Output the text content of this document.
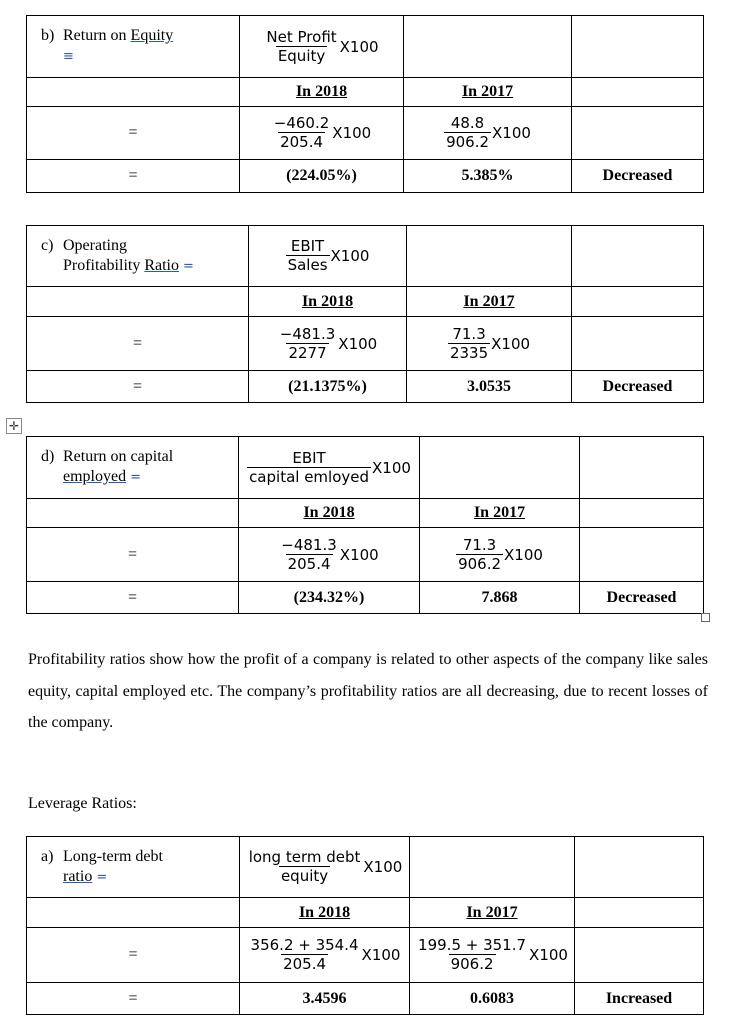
b) Return on Equity
≡	Net Profit
Equity X100		

	In 2018	In 2017	
=	$\frac{-460.2}{205.4} X100$	$\frac{48.8}{906.2} X100$	

=	(224.05%)	5.385%	Decreased
c) Operating
Profitability Ratio =	EBIT
Sales X100		

	In 2018	In 2017	
=	$\frac{-481.3}{2277} X100$	$\frac{71.3}{2335} X100$	

=	(21.1375%)	3.0535	Decreased
✛
d) Return on capital
employed =	EBIT
capital emloyed X100		

	In 2018	In 2017	
=	$\frac{-481.3}{205.4} X100$	$\frac{71.3}{906.2} X100$	

=	(234.32%)	7.868	Decreased

Profitability ratios show how the profit of a company is related to other aspects of the company like sales equity, capital employed etc. The company’s profitability ratios are all decreasing, due to recent losses of the company.

Leverage Ratios:

a) Long-term debt
ratio =	long term debt
equity X100		

	In 2018	In 2017	
=	$\frac{356.2 + 354.4}{205.4} X100$	$\frac{199.5 + 351.7}{906.2} X100$	

=	3.4596	0.6083	Increased
